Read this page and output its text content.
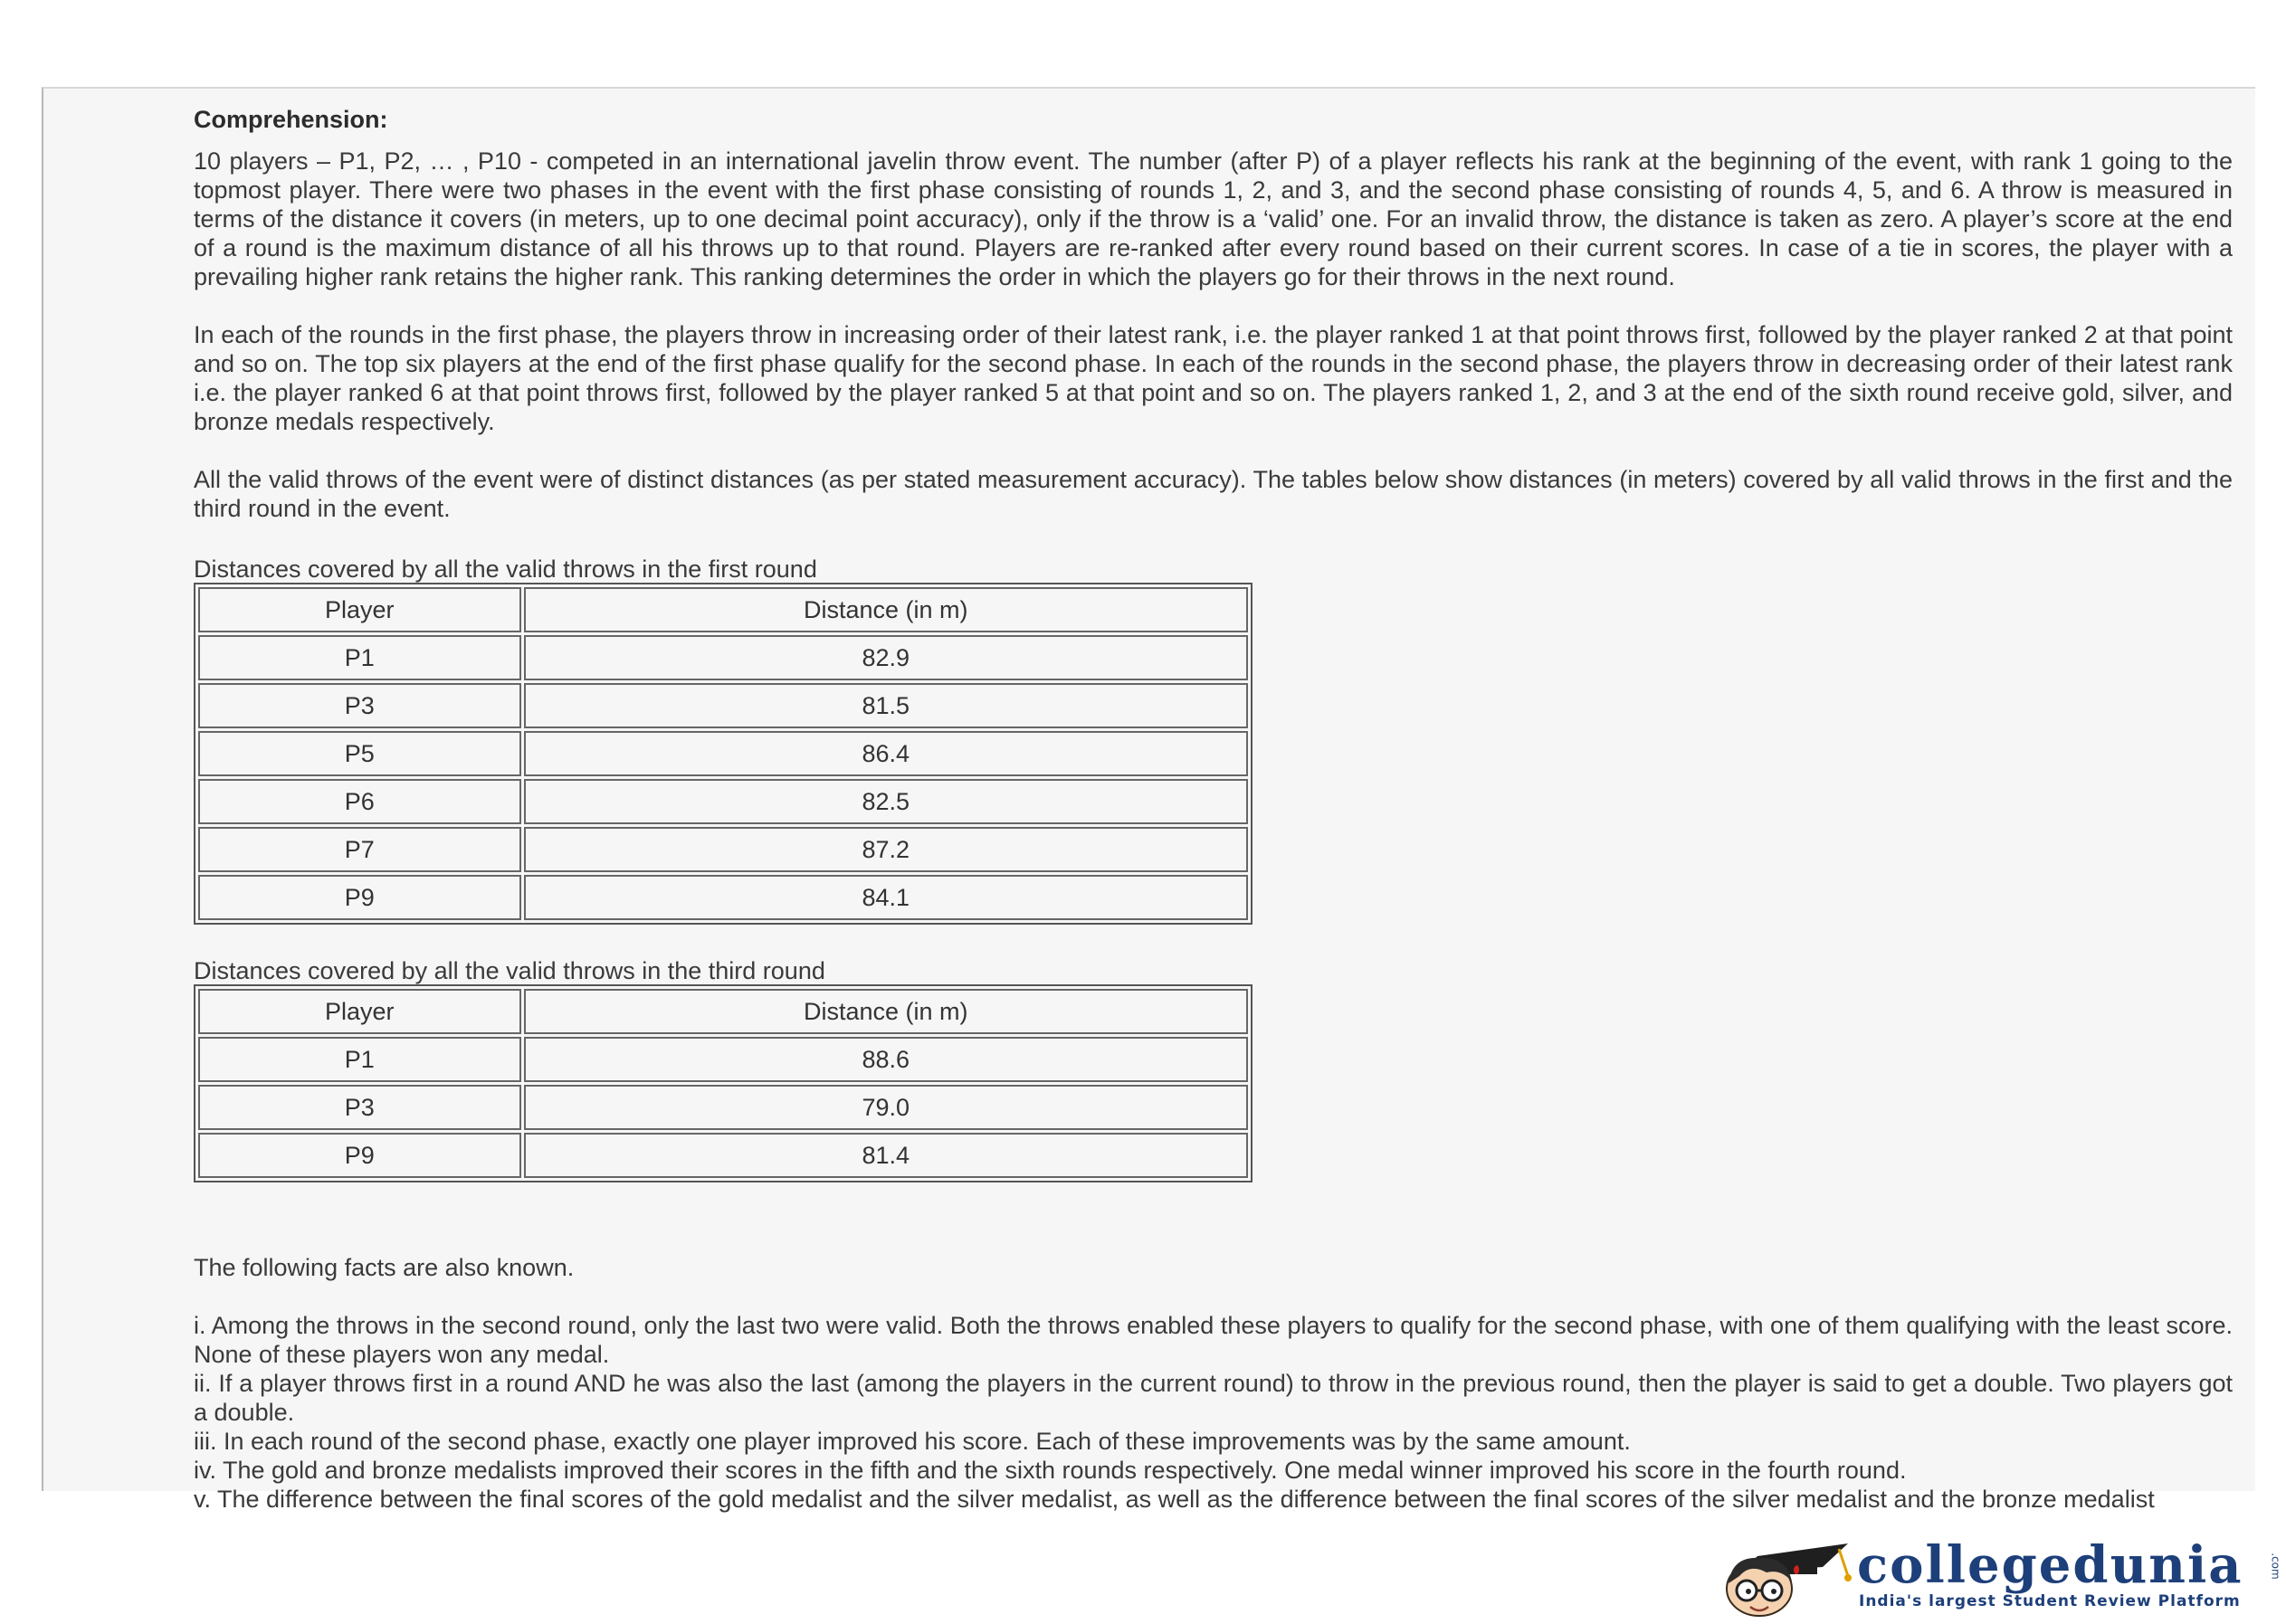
Comprehension:

10 players – P1, P2, … , P10 - competed in an international javelin throw event. The number (after P) of a player reflects his rank at the beginning of the event, with rank 1 going to the topmost player. There were two phases in the event with the first phase consisting of rounds 1, 2, and 3, and the second phase consisting of rounds 4, 5, and 6. A throw is measured in terms of the distance it covers (in meters, up to one decimal point accuracy), only if the throw is a ‘valid’ one. For an invalid throw, the distance is taken as zero. A player’s score at the end of a round is the maximum distance of all his throws up to that round. Players are re-ranked after every round based on their current scores. In case of a tie in scores, the player with a prevailing higher rank retains the higher rank. This ranking determines the order in which the players go for their throws in the next round.

In each of the rounds in the first phase, the players throw in increasing order of their latest rank, i.e. the player ranked 1 at that point throws first, followed by the player ranked 2 at that point and so on. The top six players at the end of the first phase qualify for the second phase. In each of the rounds in the second phase, the players throw in decreasing order of their latest rank i.e. the player ranked 6 at that point throws first, followed by the player ranked 5 at that point and so on. The players ranked 1, 2, and 3 at the end of the sixth round receive gold, silver, and bronze medals respectively.

All the valid throws of the event were of distinct distances (as per stated measurement accuracy). The tables below show distances (in meters) covered by all valid throws in the first and the third round in the event.

Distances covered by all the valid throws in the first round

Player	Distance (in m)
P1	82.9
P3	81.5
P5	86.4
P6	82.5
P7	87.2
P9	84.1

Distances covered by all the valid throws in the third round

Player	Distance (in m)
P1	88.6
P3	79.0
P9	81.4

The following facts are also known.

i. Among the throws in the second round, only the last two were valid. Both the throws enabled these players to qualify for the second phase, with one of them qualifying with the least score. None of these players won any medal.

ii. If a player throws first in a round AND he was also the last (among the players in the current round) to throw in the previous round, then the player is said to get a double. Two players got a double.

iii. In each round of the second phase, exactly one player improved his score. Each of these improvements was by the same amount.

iv. The gold and bronze medalists improved their scores in the fifth and the sixth rounds respectively. One medal winner improved his score in the fourth round.

v. The difference between the final scores of the gold medalist and the silver medalist, as well as the difference between the final scores of the silver medalist and the bronze medalist

collegedunia .com
India's largest Student Review Platform
